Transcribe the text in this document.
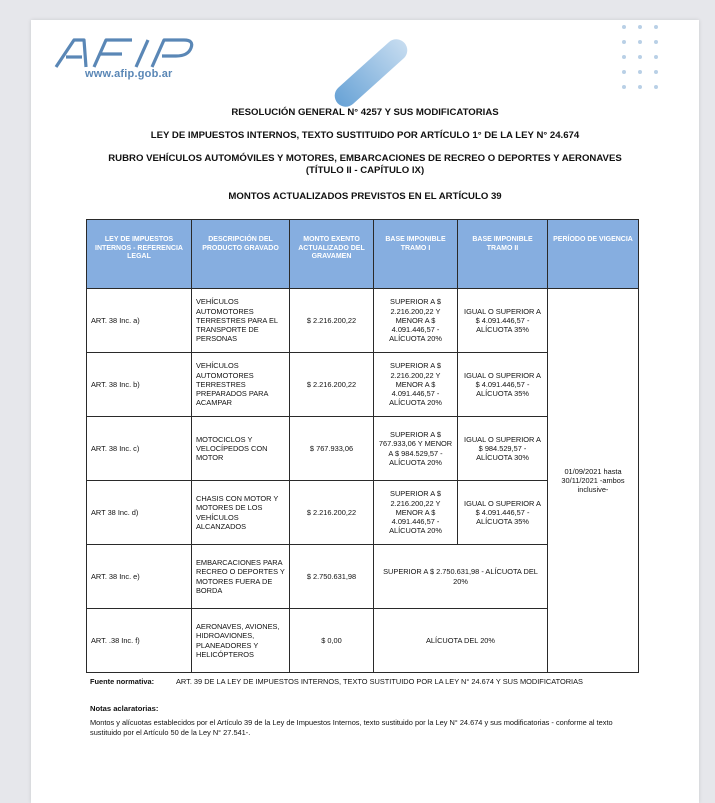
www.afip.gob.ar
RESOLUCIÓN GENERAL N° 4257 Y SUS MODIFICATORIAS
LEY DE IMPUESTOS INTERNOS, TEXTO SUSTITUIDO POR ARTÍCULO 1° DE LA LEY N° 24.674
RUBRO VEHÍCULOS AUTOMÓVILES Y MOTORES, EMBARCACIONES DE RECREO O DEPORTES Y AERONAVES (TÍTULO II - CAPÍTULO IX)
MONTOS ACTUALIZADOS PREVISTOS EN EL ARTÍCULO 39
LEY DE IMPUESTOS INTERNOS - REFERENCIA LEGAL	DESCRIPCIÓN DEL PRODUCTO GRAVADO	MONTO EXENTO ACTUALIZADO DEL GRAVAMEN	BASE IMPONIBLE TRAMO I	BASE IMPONIBLE TRAMO II	PERÍODO DE VIGENCIA
ART. 38 Inc. a)	VEHÍCULOS AUTOMOTORES TERRESTRES PARA EL TRANSPORTE DE PERSONAS	$ 2.216.200,22	SUPERIOR A $ 2.216.200,22 Y MENOR A $ 4.091.446,57 - ALÍCUOTA 20%	IGUAL O SUPERIOR A $ 4.091.446,57 - ALÍCUOTA 35%	01/09/2021 hasta 30/11/2021 -ambos inclusive-
ART. 38 Inc. b)	VEHÍCULOS AUTOMOTORES TERRESTRES PREPARADOS PARA ACAMPAR	$ 2.216.200,22	SUPERIOR A $ 2.216.200,22 Y MENOR A $ 4.091.446,57 - ALÍCUOTA 20%	IGUAL O SUPERIOR A $ 4.091.446,57 - ALÍCUOTA 35%	
ART. 38 Inc. c)	MOTOCICLOS Y VELOCÍPEDOS CON MOTOR	$ 767.933,06	SUPERIOR A $ 767.933,06 Y MENOR A $ 984.529,57 - ALÍCUOTA 20%	IGUAL O SUPERIOR A $ 984.529,57 - ALÍCUOTA 30%	
ART 38 Inc. d)	CHASIS CON MOTOR Y MOTORES DE LOS VEHÍCULOS ALCANZADOS	$ 2.216.200,22	SUPERIOR A $ 2.216.200,22 Y MENOR A $ 4.091.446,57 - ALÍCUOTA 20%	IGUAL O SUPERIOR A $ 4.091.446,57 - ALÍCUOTA 35%	
ART. 38 Inc. e)	EMBARCACIONES PARA RECREO O DEPORTES Y MOTORES FUERA DE BORDA	$ 2.750.631,98	SUPERIOR A $ 2.750.631,98 - ALÍCUOTA DEL 20%		
ART. .38 Inc. f)	AERONAVES, AVIONES, HIDROAVIONES, PLANEADORES Y HELICÓPTEROS	$ 0,00	ALÍCUOTA DEL 20%		
Fuente normativa:	ART. 39 DE LA LEY DE IMPUESTOS INTERNOS, TEXTO SUSTITUIDO POR LA LEY N° 24.674 Y SUS MODIFICATORIAS
Notas aclaratorias:
Montos y alícuotas establecidos por el Artículo 39 de la Ley de Impuestos Internos, texto sustituido por la Ley N° 24.674 y sus modificatorias - conforme al texto sustituido por el Artículo 50 de la Ley N° 27.541-.
